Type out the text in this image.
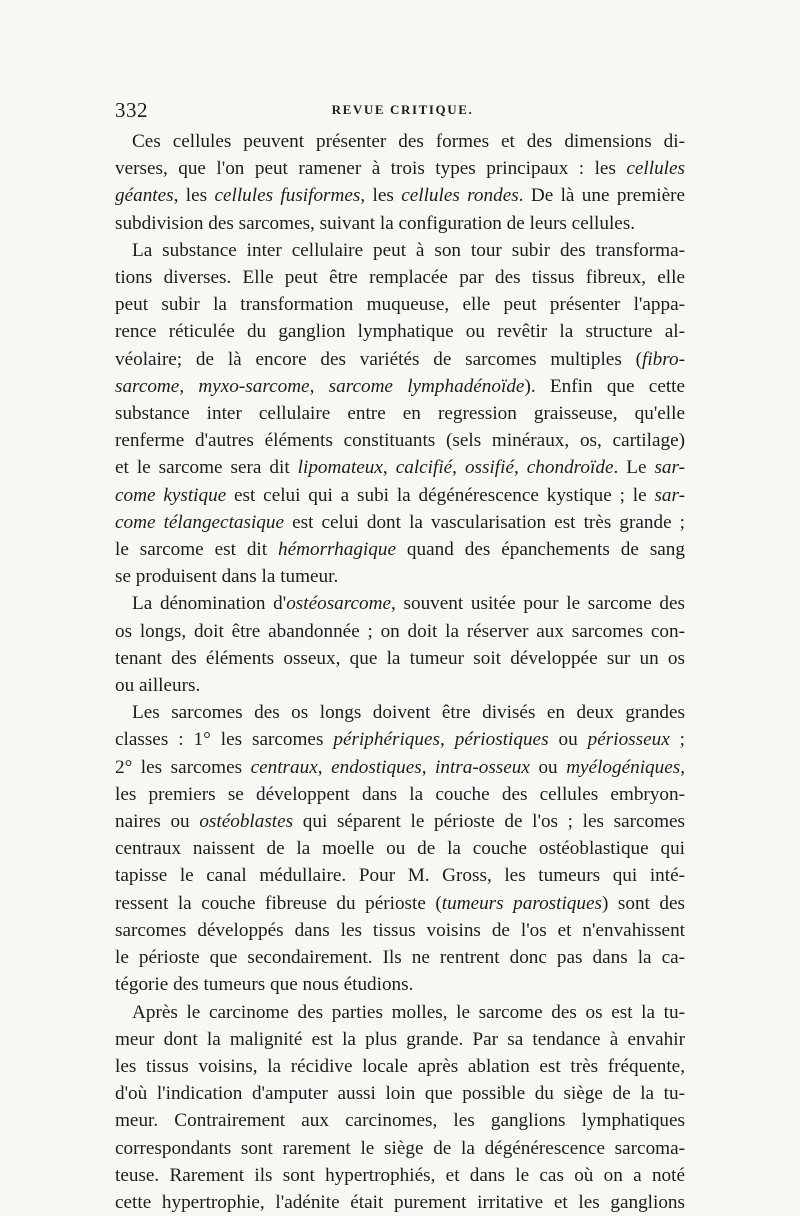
332	REVUE CRITIQUE.
Ces cellules peuvent présenter des formes et des dimensions di-
verses, que l'on peut ramener à trois types principaux : les cellules
géantes, les cellules fusiformes, les cellules rondes. De là une première
subdivision des sarcomes, suivant la configuration de leurs cellules.
La substance inter cellulaire peut à son tour subir des transforma-
tions diverses. Elle peut être remplacée par des tissus fibreux, elle
peut subir la transformation muqueuse, elle peut présenter l'appa-
rence réticulée du ganglion lymphatique ou revêtir la structure al-
véolaire; de là encore des variétés de sarcomes multiples (fibro-
sarcome, myxo-sarcome, sarcome lymphadénoïde). Enfin que cette
substance inter cellulaire entre en regression graisseuse, qu'elle
renferme d'autres éléments constituants (sels minéraux, os, cartilage)
et le sarcome sera dit lipomateux, calcifié, ossifié, chondroïde. Le sar-
come kystique est celui qui a subi la dégénérescence kystique ; le sar-
come télangectasique est celui dont la vascularisation est très grande ;
le sarcome est dit hémorrhagique quand des épanchements de sang
se produisent dans la tumeur.
La dénomination d'ostéosarcome, souvent usitée pour le sarcome des
os longs, doit être abandonnée ; on doit la réserver aux sarcomes con-
tenant des éléments osseux, que la tumeur soit développée sur un os
ou ailleurs.
Les sarcomes des os longs doivent être divisés en deux grandes
classes : 1° les sarcomes périphériques, périostiques ou périosseux ;
2° les sarcomes centraux, endostiques, intra-osseux ou myélogéniques,
les premiers se développent dans la couche des cellules embryon-
naires ou ostéoblastes qui séparent le périoste de l'os ; les sarcomes
centraux naissent de la moelle ou de la couche ostéoblastique qui
tapisse le canal médullaire. Pour M. Gross, les tumeurs qui inté-
ressent la couche fibreuse du périoste (tumeurs parostiques) sont des
sarcomes développés dans les tissus voisins de l'os et n'envahissent
le périoste que secondairement. Ils ne rentrent donc pas dans la ca-
tégorie des tumeurs que nous étudions.
Après le carcinome des parties molles, le sarcome des os est la tu-
meur dont la malignité est la plus grande. Par sa tendance à envahir
les tissus voisins, la récidive locale après ablation est très fréquente,
d'où l'indication d'amputer aussi loin que possible du siège de la tu-
meur. Contrairement aux carcinomes, les ganglions lymphatiques
correspondants sont rarement le siège de la dégénérescence sarcoma-
teuse. Rarement ils sont hypertrophiés, et dans le cas où on a noté
cette hypertrophie, l'adénite était purement irritative et les ganglions
